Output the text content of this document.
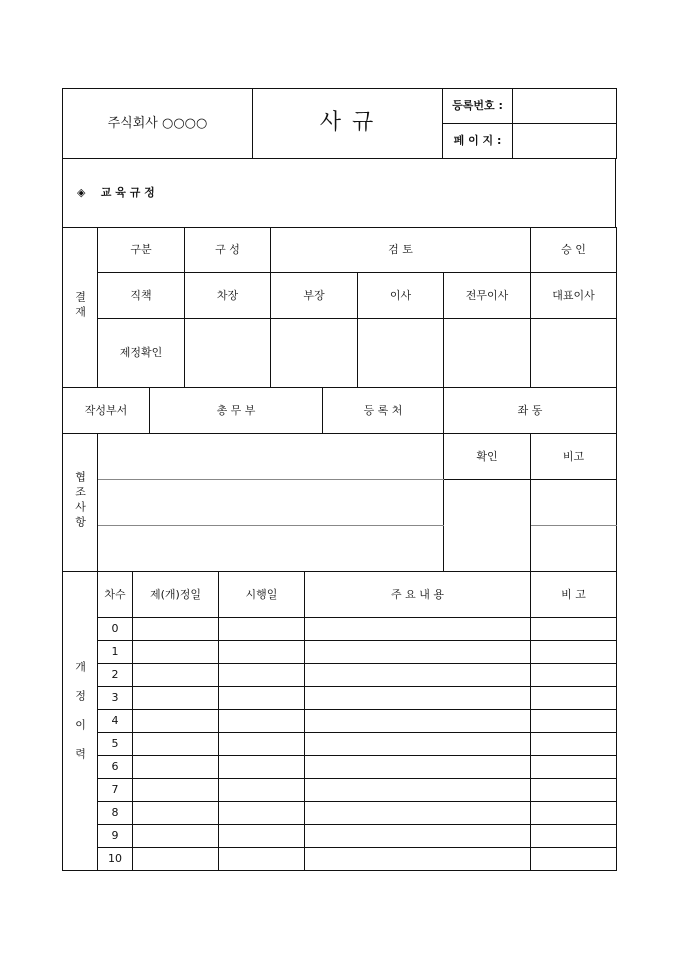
주식회사 ○○○○	사 규	등록번호 :	
		페 이 지 :	
◈ 교 육 규 정
결재	구분	구 성	검 토			승 인
	직책	차장	부장	이사	전무이사	대표이사
	제정확인					
작성부서	총 무 부	등 록 처	좌 동
협조사항		확인	비고

개정이력	차수	제(개)정일	시행일	주 요 내 용	비 고
	0				
	1				
	2				
	3				
	4				
	5				
	6				
	7				
	8				
	9				
	10				
